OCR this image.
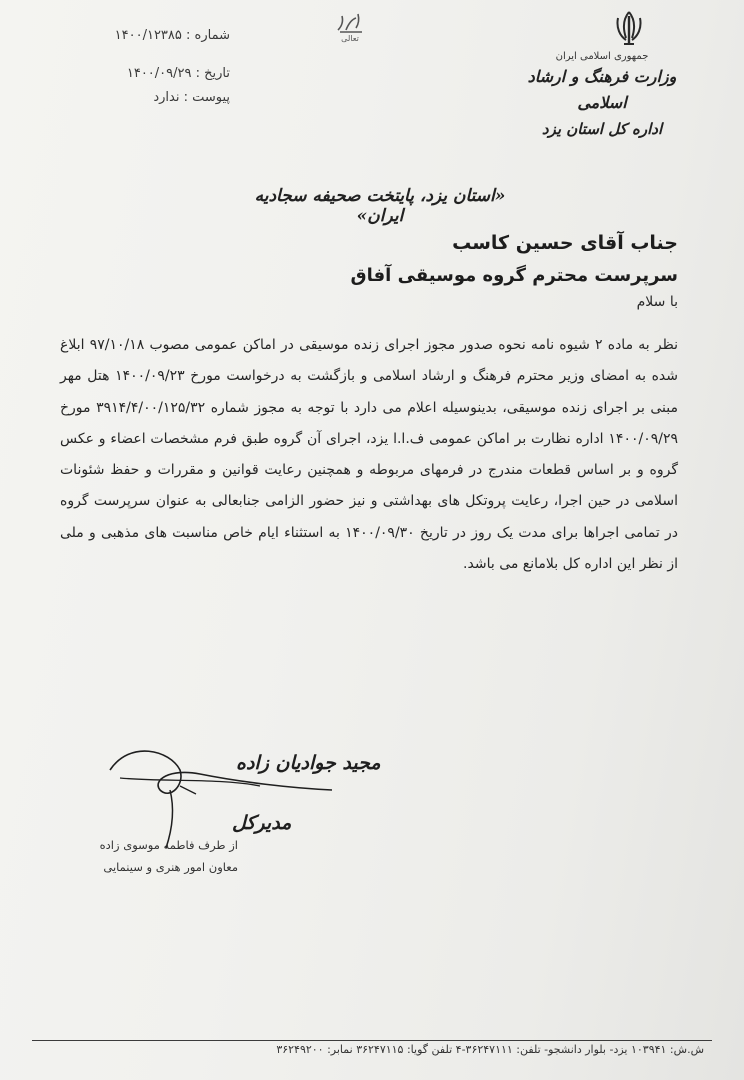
تعالی
شماره : ۱۴۰۰/۱۲۳۸۵
تاریخ : ۱۴۰۰/۰۹/۲۹
پیوست : ندارد
جمهوری اسلامی ایران
وزارت فرهنگ و ارشاد اسلامی
اداره کل استان یزد
«استان یزد، پایتخت صحیفه سجادیه ایران»
جناب آقای حسین کاسب
سرپرست محترم گروه موسیقی آفاق
با سلام
نظر به ماده ۲ شیوه نامه نحوه صدور مجوز اجرای زنده موسیقی در اماکن عمومی مصوب ۹۷/۱۰/۱۸ ابلاغ شده به امضای وزیر محترم فرهنگ و ارشاد اسلامی و بازگشت به درخواست مورخ ۱۴۰۰/۰۹/۲۳ هتل مهر مبنی بر اجرای زنده موسیقی، بدینوسیله اعلام می دارد با توجه به مجوز شماره ۳۹۱۴/۴/۰۰/۱۲۵/۳۲ مورخ ۱۴۰۰/۰۹/۲۹ اداره نظارت بر اماکن عمومی ف.ا.ا یزد، اجرای آن گروه طبق فرم مشخصات اعضاء و عکس گروه و بر اساس قطعات مندرج در فرمهای مربوطه و همچنین رعایت قوانین و مقررات و حفظ شئونات اسلامی در حین اجرا، رعایت پروتکل های بهداشتی و نیز حضور الزامی جنابعالی به عنوان سرپرست گروه در تمامی اجراها برای مدت یک روز در تاریخ ۱۴۰۰/۰۹/۳۰ به استثناء ایام خاص مناسبت های مذهبی و ملی از نظر این اداره کل بلامانع می باشد.
مجید جوادیان زاده
مدیرکل
از طرف فاطمه موسوی زاده
معاون امور هنری و سینمایی
ش.ش: ۱۰۳۹۴۱ یزد- بلوار دانشجو- تلفن: ۳۶۲۴۷۱۱۱-۴ تلفن گویا: ۳۶۲۴۷۱۱۵ نمابر: ۳۶۲۴۹۲۰۰
